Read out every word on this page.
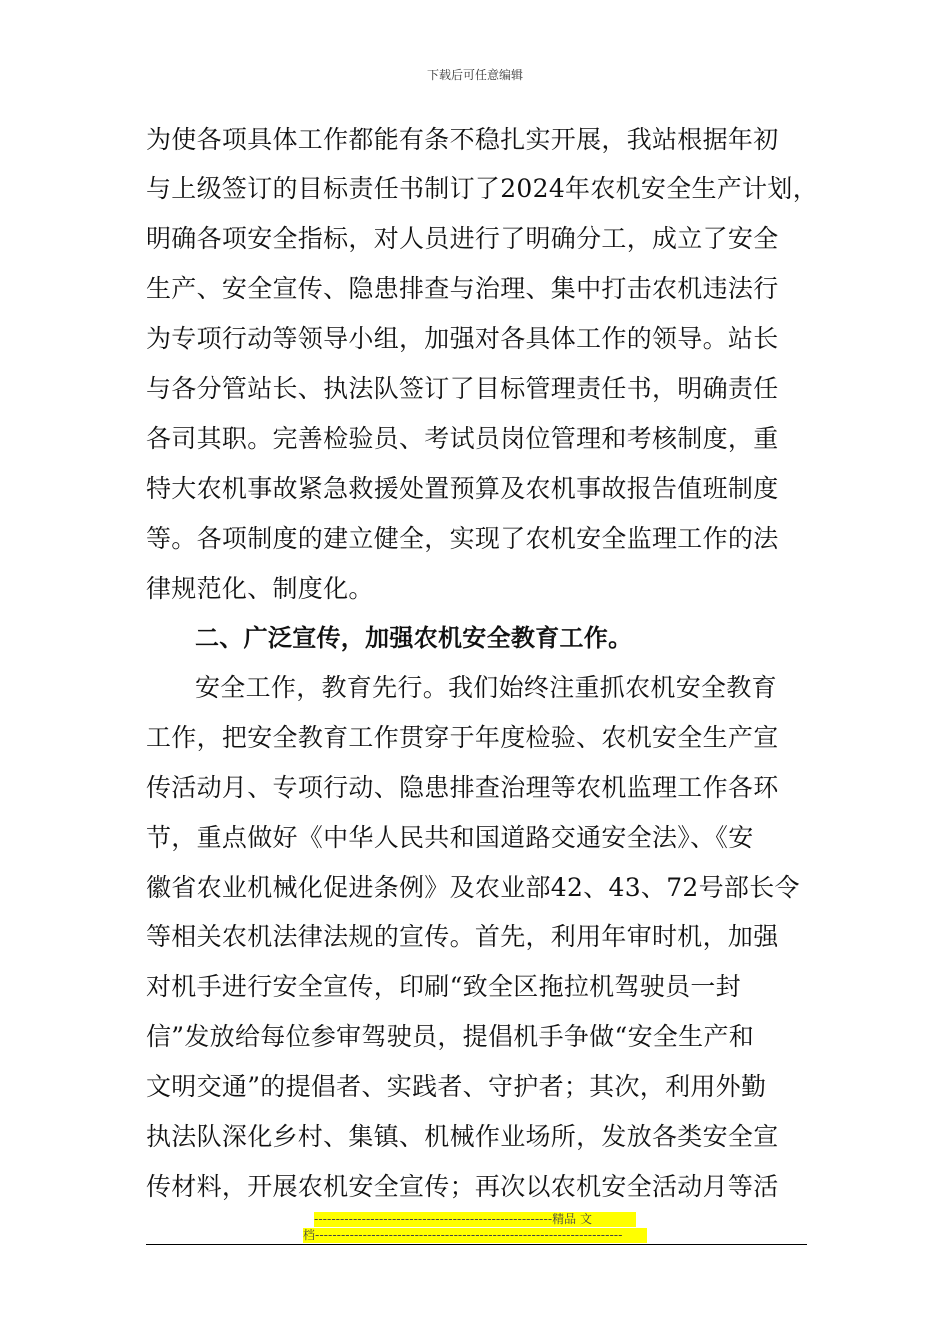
下载后可任意编辑
为使各项具体工作都能有条不稳扎实开展，我站根据年初
与上级签订的目标责任书制订了2024年农机安全生产计划，
明确各项安全指标，对人员进行了明确分工，成立了安全
生产、安全宣传、隐患排查与治理、集中打击农机违法行
为专项行动等领导小组，加强对各具体工作的领导。站长
与各分管站长、执法队签订了目标管理责任书，明确责任
各司其职。完善检验员、考试员岗位管理和考核制度，重
特大农机事故紧急救援处置预算及农机事故报告值班制度
等。各项制度的建立健全，实现了农机安全监理工作的法
律规范化、制度化。
二、广泛宣传，加强农机安全教育工作。
安全工作，教育先行。我们始终注重抓农机安全教育
工作，把安全教育工作贯穿于年度检验、农机安全生产宣
传活动月、专项行动、隐患排查治理等农机监理工作各环
节，重点做好《中华人民共和国道路交通安全法》、《安
徽省农业机械化促进条例》及农业部42、43、72号部长令
等相关农机法律法规的宣传。首先，利用年审时机，加强
对机手进行安全宣传，印刷“致全区拖拉机驾驶员一封
信”发放给每位参审驾驶员，提倡机手争做“安全生产和
文明交通”的提倡者、实践者、守护者；其次，利用外勤
执法队深化乡村、集镇、机械作业场所，发放各类安全宣
传材料，开展农机安全宣传；再次以农机安全活动月等活
-------------------------------------------------------精品 文
档-----------------------------------------------------------------------
